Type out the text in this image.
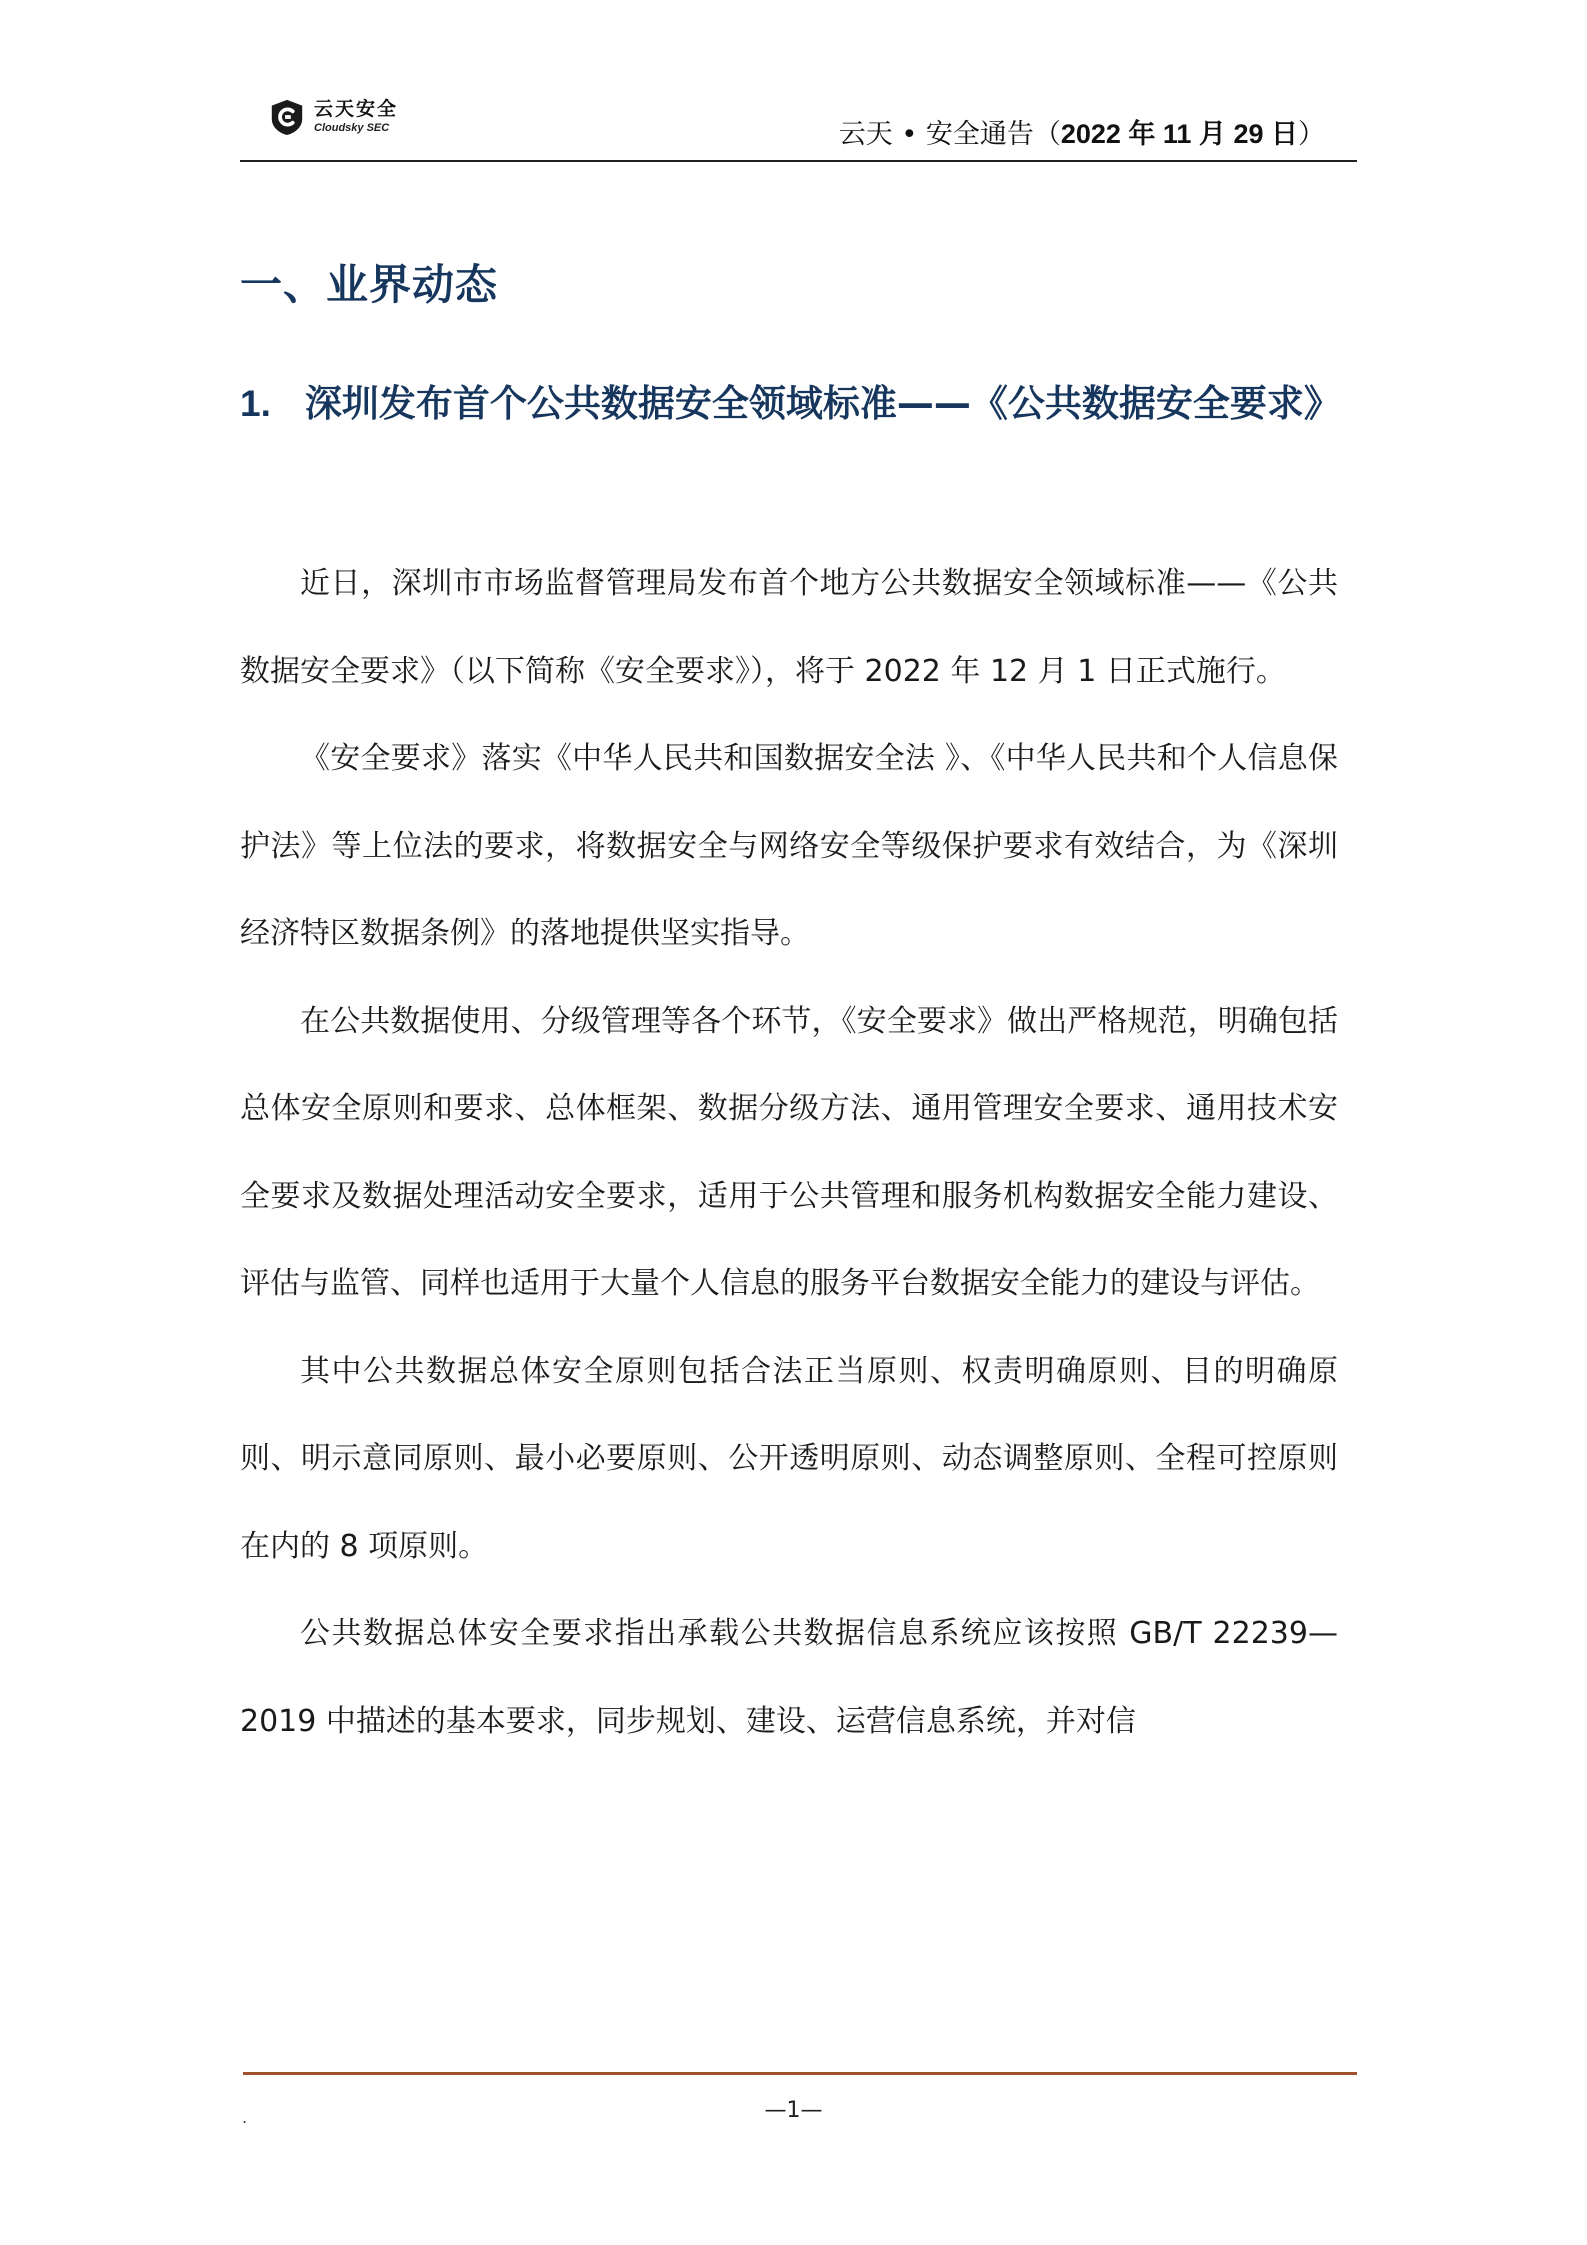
云天安全
Cloudsky SEC	云天 • 安全通告（2022 年 11 月 29 日）
一、业界动态
1. 深圳发布首个公共数据安全领域标准——《公共数据安全要求》

近日，深圳市市场监督管理局发布首个地方公共数据安全领域标准——《公共数据安全要求》（以下简称《安全要求》），将于 2022 年 12 月 1 日正式施行。

《安全要求》落实《中华人民共和国数据安全法 》、《中华人民共和个人信息保护法》等上位法的要求，将数据安全与网络安全等级保护要求有效结合，为《深圳经济特区数据条例》的落地提供坚实指导。

在公共数据使用、分级管理等各个环节，《安全要求》做出严格规范，明确包括总体安全原则和要求、总体框架、数据分级方法、通用管理安全要求、通用技术安全要求及数据处理活动安全要求，适用于公共管理和服务机构数据安全能力建设、评估与监管、同样也适用于大量个人信息的服务平台数据安全能力的建设与评估。

其中公共数据总体安全原则包括合法正当原则、权责明确原则、目的明确原则、明示意同原则、最小必要原则、公开透明原则、动态调整原则、全程可控原则在内的 8 项原则。

公共数据总体安全要求指出承载公共数据信息系统应该按照 GB/T 22239—2019 中描述的基本要求，同步规划、建设、运营信息系统，并对信

.	—1—
